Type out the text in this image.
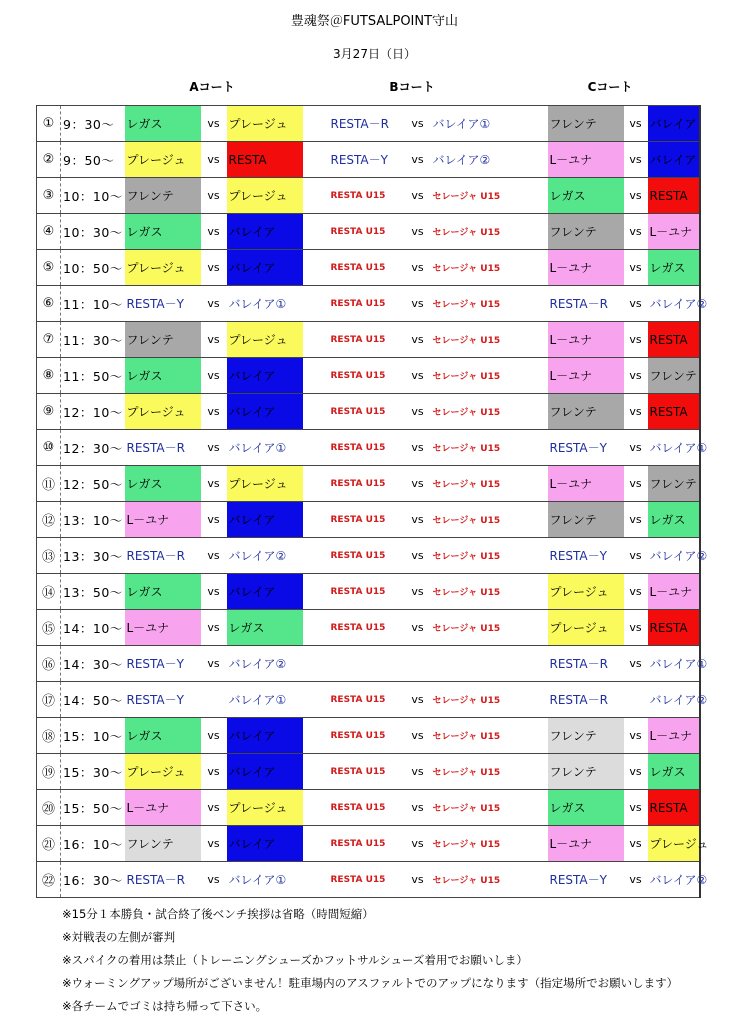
豊魂祭＠FUTSALPOINT守山
3月27日（日）
Aコート	Bコート	Cコート
①	9：30～	レガス	vs	プレージュ		RESTA－R	vs	バレイア①		フレンテ	vs	バレイア
②	9：50～	プレージュ	vs	RESTA		RESTA－Y	vs	バレイア②		L－ユナ	vs	バレイア
③	10：10～	フレンテ	vs	プレージュ		RESTA U15	vs	セレージャ U15		レガス	vs	RESTA
④	10：30～	レガス	vs	バレイア		RESTA U15	vs	セレージャ U15		フレンテ	vs	L－ユナ
⑤	10：50～	プレージュ	vs	バレイア		RESTA U15	vs	セレージャ U15		L－ユナ	vs	レガス
⑥	11：10～	RESTA－Y	vs	バレイア①		RESTA U15	vs	セレージャ U15		RESTA－R	vs	バレイア②
⑦	11：30～	フレンテ	vs	プレージュ		RESTA U15	vs	セレージャ U15		L－ユナ	vs	RESTA
⑧	11：50～	レガス	vs	バレイア		RESTA U15	vs	セレージャ U15		L－ユナ	vs	フレンテ
⑨	12：10～	プレージュ	vs	バレイア		RESTA U15	vs	セレージャ U15		フレンテ	vs	RESTA
⑩	12：30～	RESTA－R	vs	バレイア①		RESTA U15	vs	セレージャ U15		RESTA－Y	vs	バレイア①
⑪	12：50～	レガス	vs	プレージュ		RESTA U15	vs	セレージャ U15		L－ユナ	vs	フレンテ
⑫	13：10～	L－ユナ	vs	バレイア		RESTA U15	vs	セレージャ U15		フレンテ	vs	レガス
⑬	13：30～	RESTA－R	vs	バレイア②		RESTA U15	vs	セレージャ U15		RESTA－Y	vs	バレイア②
⑭	13：50～	レガス	vs	バレイア		RESTA U15	vs	セレージャ U15		プレージュ	vs	L－ユナ
⑮	14：10～	L－ユナ	vs	レガス		RESTA U15	vs	セレージャ U15		プレージュ	vs	RESTA
⑯	14：30～	RESTA－Y	vs	バレイア②						RESTA－R	vs	バレイア①
⑰	14：50～	RESTA－Y		バレイア①		RESTA U15	vs	セレージャ U15		RESTA－R		バレイア②
⑱	15：10～	レガス	vs	バレイア		RESTA U15	vs	セレージャ U15		フレンテ	vs	L－ユナ
⑲	15：30～	プレージュ	vs	バレイア		RESTA U15	vs	セレージャ U15		フレンテ	vs	レガス
⑳	15：50～	L－ユナ	vs	プレージュ		RESTA U15	vs	セレージャ U15		レガス	vs	RESTA
㉑	16：10～	フレンテ	vs	バレイア		RESTA U15	vs	セレージャ U15		L－ユナ	vs	プレージュ
㉒	16：30～	RESTA－R	vs	バレイア①		RESTA U15	vs	セレージャ U15		RESTA－Y	vs	バレイア②
※15分１本勝負・試合終了後ベンチ挨拶は省略（時間短縮）
※対戦表の左側が審判
※スパイクの着用は禁止（トレーニングシューズかフットサルシューズ着用でお願いしま）
※ウォーミングアップ場所がございません！駐車場内のアスファルトでのアップになります（指定場所でお願いします）
※各チームでゴミは持ち帰って下さい。
